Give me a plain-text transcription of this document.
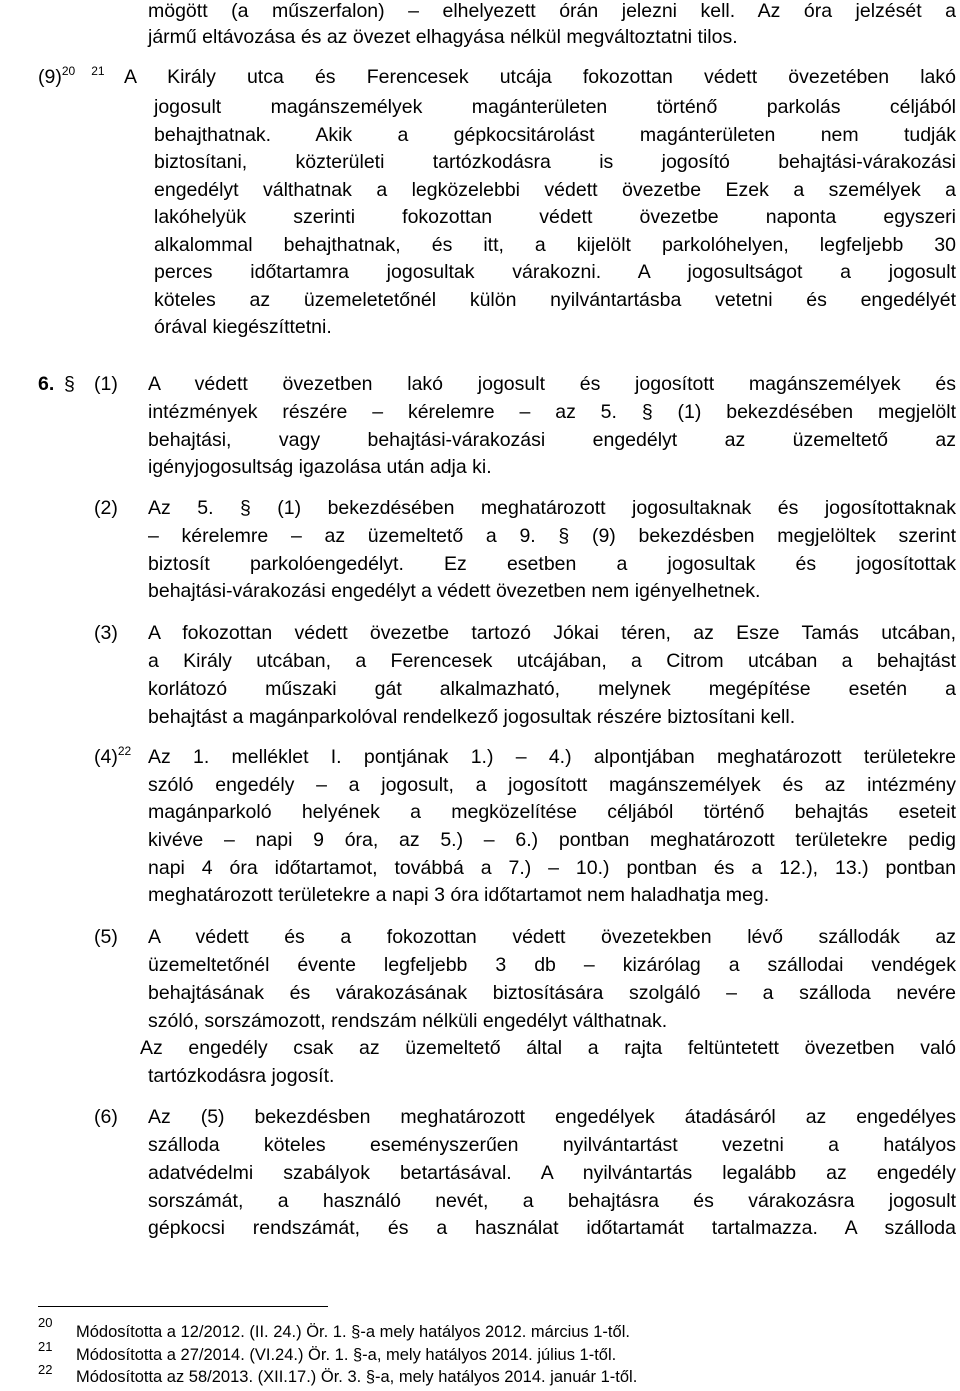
mögött (a műszerfalon) – elhelyezett órán jelezni kell. Az óra jelzését a
jármű eltávozása és az övezet elhagyása nélkül megváltoztatni tilos.
$(9)^{20}$ $^{21}$ A Király utca és Ferencesek utcája fokozottan védett övezetében lakó
jogosult magánszemélyek magánterületen történő parkolás céljából
behajthatnak. Akik a gépkocsitárolást magánterületen nem tudják
biztosítani, közterületi tartózkodásra is jogosító behajtási-várakozási
engedélyt válthatnak a legközelebbi védett övezetbe Ezek a személyek a
lakóhelyük szerinti fokozottan védett övezetbe naponta egyszeri
alkalommal behajthatnak, és itt, a kijelölt parkolóhelyen, legfeljebb 30
perces időtartamra jogosultak várakozni. A jogosultságot a jogosult
köteles az üzemeletetőnél külön nyilvántartásba vetetni és engedélyét
órával kiegészíttetni.
6. § (1) A védett övezetben lakó jogosult és jogosított magánszemélyek és
intézmények részére – kérelemre – az 5. § (1) bekezdésében megjelölt
behajtási, vagy behajtási-várakozási engedélyt az üzemeltető az
igényjogosultság igazolása után adja ki.
(2) Az 5. § (1) bekezdésében meghatározott jogosultaknak és jogosítottaknak
– kérelemre – az üzemeltető a 9. § (9) bekezdésben megjelöltek szerint
biztosít parkolóengedélyt. Ez esetben a jogosultak és jogosítottak
behajtási-várakozási engedélyt a védett övezetben nem igényelhetnek.
(3) A fokozottan védett övezetbe tartozó Jókai téren, az Esze Tamás utcában,
a Király utcában, a Ferencesek utcájában, a Citrom utcában a behajtást
korlátozó műszaki gát alkalmazható, melynek megépítése esetén a
behajtást a magánparkolóval rendelkező jogosultak részére biztosítani kell.
$(4)^{22}$ Az 1. melléklet I. pontjának 1.) – 4.) alpontjában meghatározott területekre
szóló engedély – a jogosult, a jogosított magánszemélyek és az intézmény
magánparkoló helyének a megközelítése céljából történő behajtás eseteit
kivéve – napi 9 óra, az 5.) – 6.) pontban meghatározott területekre pedig
napi 4 óra időtartamot, továbbá a 7.) – 10.) pontban és a 12.), 13.) pontban
meghatározott területekre a napi 3 óra időtartamot nem haladhatja meg.
(5) A védett és a fokozottan védett övezetekben lévő szállodák az
üzemeltetőnél évente legfeljebb 3 db – kizárólag a szállodai vendégek
behajtásának és várakozásának biztosítására szolgáló – a szálloda nevére
szóló, sorszámozott, rendszám nélküli engedélyt válthatnak.
Az engedély csak az üzemeltető által a rajta feltüntetett övezetben való
tartózkodásra jogosít.
(6) Az (5) bekezdésben meghatározott engedélyek átadásáról az engedélyes
szálloda köteles eseményszerűen nyilvántartást vezetni a hatályos
adatvédelmi szabályok betartásával. A nyilvántartás legalább az engedély
sorszámát, a használó nevét, a behajtásra és várakozásra jogosult
gépkocsi rendszámát, és a használat időtartamát tartalmazza. A szálloda
20
Módosította a 12/2012. (II. 24.) Ör. 1. §-a mely hatályos 2012. március 1-től.
21 Módosította a 27/2014. (VI.24.) Ör. 1. §-a, mely hatályos 2014. július 1-től.
22 Módosította az 58/2013. (XII.17.) Ör. 3. §-a, mely hatályos 2014. január 1-től.
